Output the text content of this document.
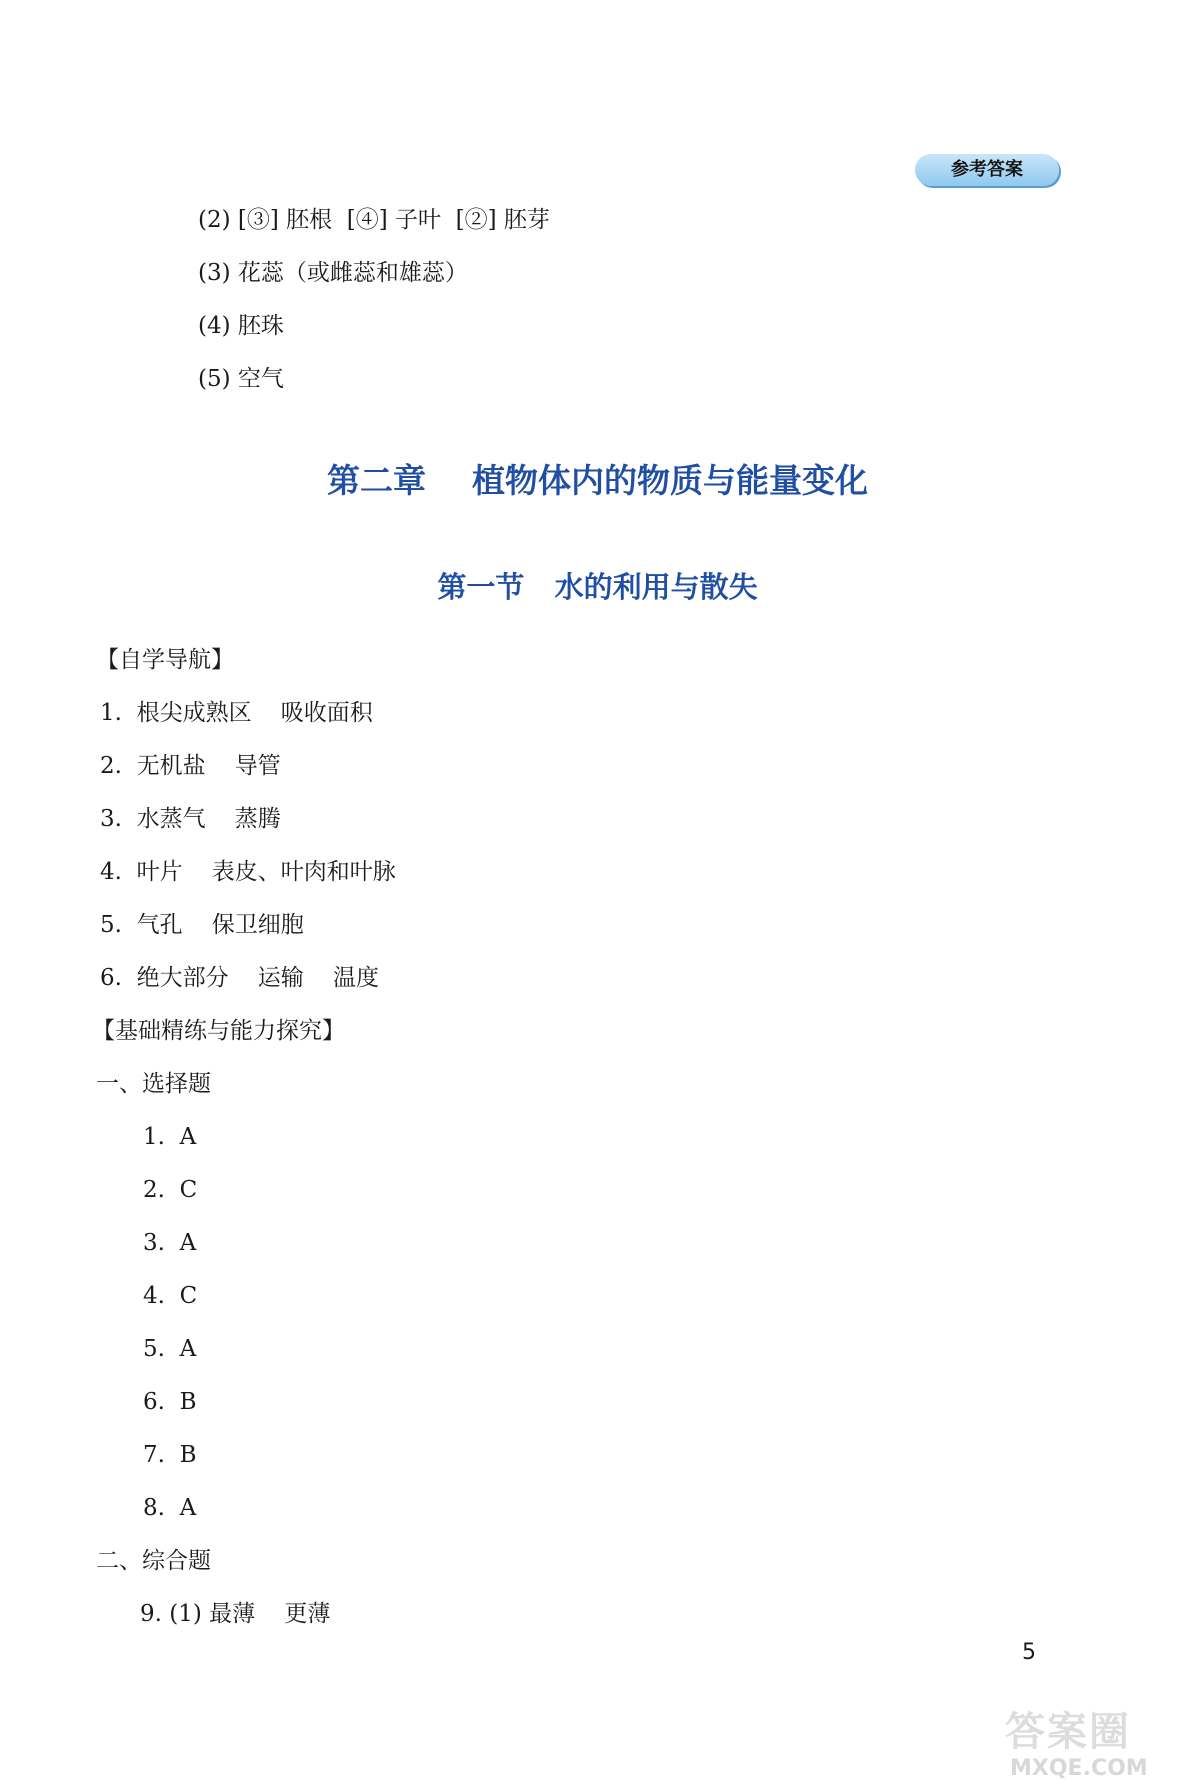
参考答案
(2) [③] 胚根  [④] 子叶  [②] 胚芽
(3) 花蕊（或雌蕊和雄蕊）
(4) 胚珠
(5) 空气
第二章    植物体内的物质与能量变化
第一节   水的利用与散失
【自学导航】
1.  根尖成熟区    吸收面积
2.  无机盐    导管
3.  水蒸气    蒸腾
4.  叶片    表皮、叶肉和叶脉
5.  气孔    保卫细胞
6.  绝大部分    运输    温度
【基础精练与能力探究】
一、选择题
1.  A
2.  C
3.  A
4.  C
5.  A
6.  B
7.  B
8.  A
二、综合题
9. (1) 最薄    更薄
5
答案圈
MXQE.COM
